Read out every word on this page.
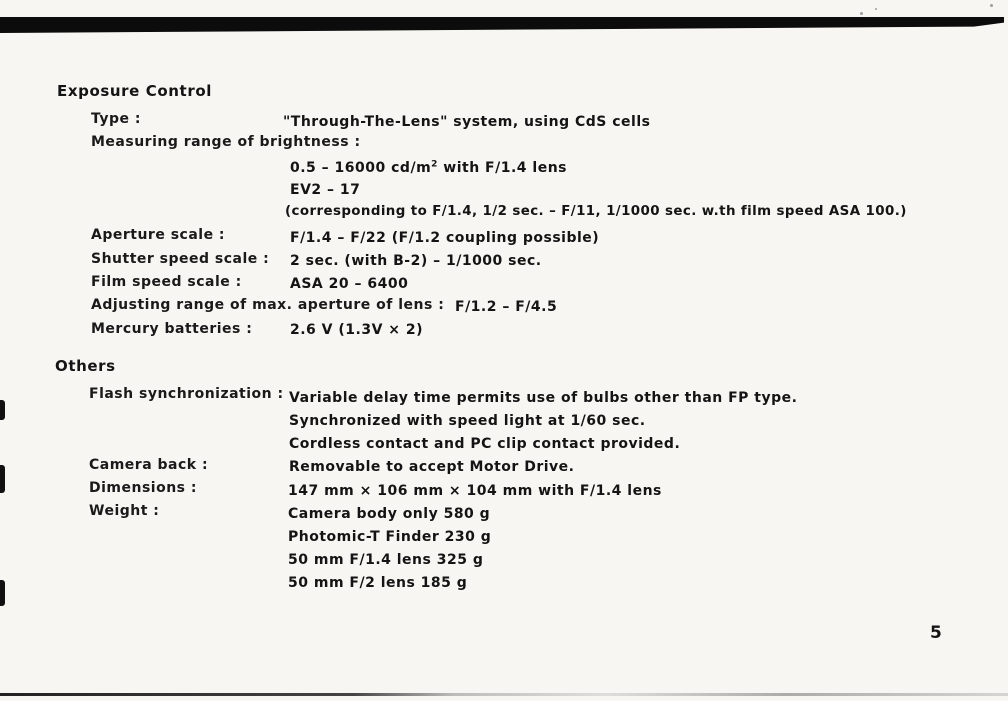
Exposure Control
Type :	"Through-The-Lens" system, using CdS cells
Measuring range of brightness :
0.5 – 16000 $cd/m^2$ with F/1.4 lens
EV2 – 17
(corresponding to F/1.4, 1/2 sec. – F/11, 1/1000 sec. w.th film speed ASA 100.)
Aperture scale :	F/1.4 – F/22 (F/1.2 coupling possible)
Shutter speed scale : 2 sec. (with B-2) – 1/1000 sec.
Film speed scale :	ASA 20 – 6400
Adjusting range of max. aperture of lens : F/1.2 – F/4.5
Mercury batteries :	2.6 V (1.3V × 2)
Others
Flash synchronization : Variable delay time permits use of bulbs other than FP type.
Synchronized with speed light at 1/60 sec.
Cordless contact and PC clip contact provided.
Camera back :	Removable to accept Motor Drive.
Dimensions :	147 mm × 106 mm × 104 mm with F/1.4 lens
Weight :	Camera body only 580 g
Photomic-T Finder 230 g
50 mm F/1.4 lens 325 g
50 mm F/2 lens 185 g
5
